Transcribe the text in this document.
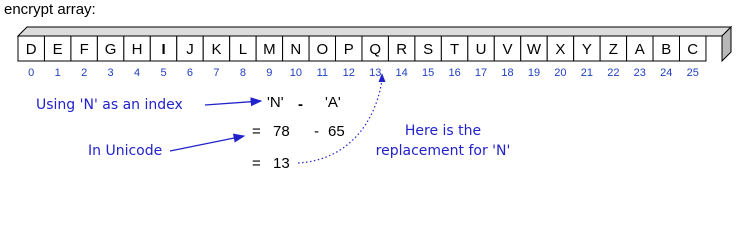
encrypt array:
D E F G H I J K L M N O P Q R S T U V W X Y Z A B C
0 1 2 3 4 5 6 7 8 9 10 11 12 13 14 15 16 17 18 19 20 21 22 23 24 25
Using 'N' as an index	'N' - 'A'
= 78 - 65
= 13
In Unicode
Here is the
replacement for 'N'
